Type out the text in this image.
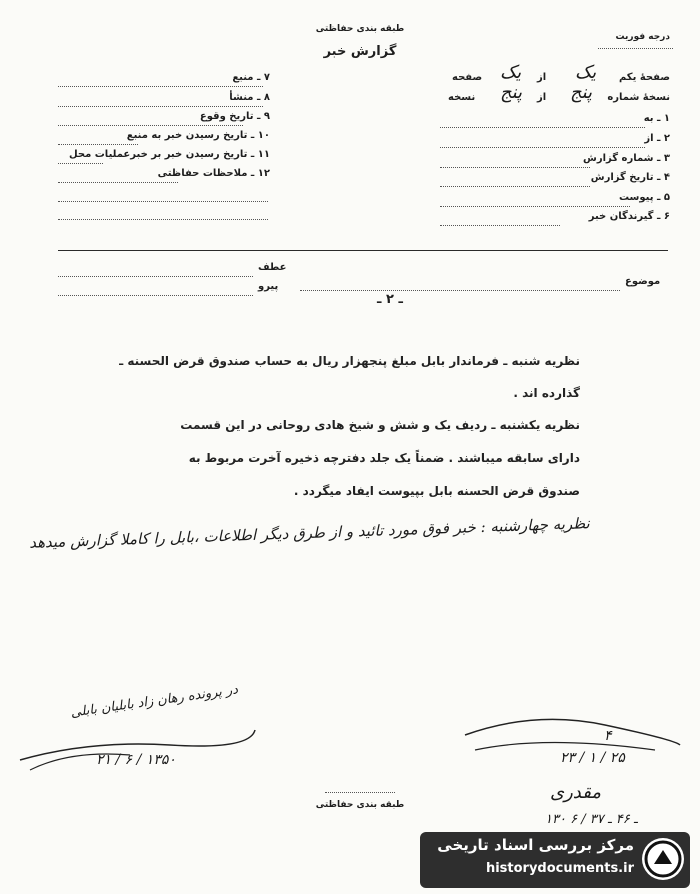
طبقه بندی حفاظتی
گزارش خبر
درجه فوریت
۷ ـ منبع
۸ ـ منشأ
۹ ـ تاریخ وقوع
۱۰ ـ تاریخ رسیدن خبر به منبع
۱۱ ـ تاریخ رسیدن خبر بر خبرعملیات محل
۱۲ ـ ملاحظات حفاظتی
صفحهٔ یکم
یک
از
یک
صفحه
نسخهٔ شماره
پنج
از
پنج
نسخه
۱ ـ به
۲ ـ از
۳ ـ شماره گزارش
۴ ـ تاریخ گزارش
۵ ـ پیوست
۶ ـ گیرندگان خبر
عطف
پیرو	موضوع
ـ ۲ ـ
نظریه شنبه ـ فرماندار بابل مبلغ پنجهزار ریال به حساب صندوق قرض الحسنه ـ
گذارده اند .
نظریه یکشنبه ـ ردیف یک و شش و شیخ هادی روحانی در این قسمت
دارای سابقه میباشند . ضمناً یک جلد دفترچه ذخیره آخرت مربوط به
صندوق قرض الحسنه بابل بپیوست ایفاد میگردد .
نظریه چهارشنبه : خبر فوق مورد تائید و از طرق دیگر اطلاعات ،بابل را کاملا گزارش میدهد
در پرونده رهان زاد بابلیان بابلی
۲۱ / ۶ / ۱۳۵۰
۴
۲۳ / ۱ / ۲۵
مقدری
۱۳۰ ـ ۴۶ ـ ۳۷ / ۶
طبقه بندی حفاظتی
مرکز بررسی اسناد تاریخی
historydocuments.ir
